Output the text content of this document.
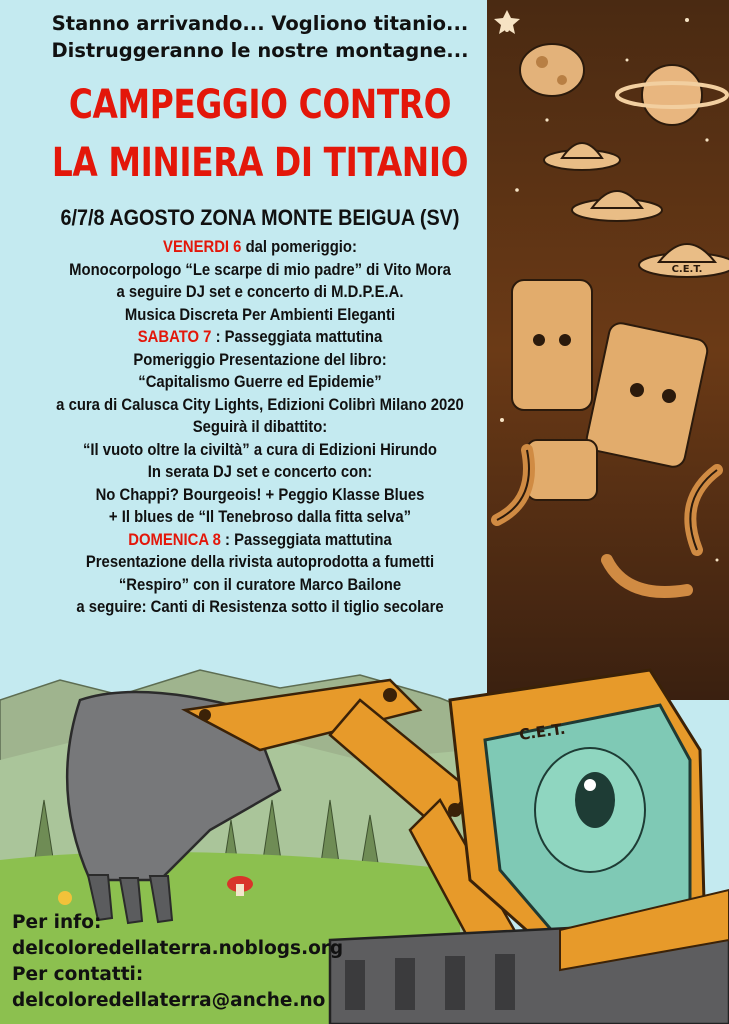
C.E.T.
C.E.T.
Stanno arrivando... Vogliono titanio...
Distruggeranno le nostre montagne...
CAMPEGGIO CONTRO
LA MINIERA DI TITANIO
6/7/8 AGOSTO ZONA MONTE BEIGUA (SV)
VENERDI 6 dal pomeriggio:
Monocorpologo “Le scarpe di mio padre” di Vito Mora
a seguire DJ set e concerto di M.D.P.E.A.
Musica Discreta Per Ambienti Eleganti
SABATO 7 : Passeggiata mattutina
Pomeriggio Presentazione del libro:
“Capitalismo Guerre ed Epidemie”
a cura di Calusca City Lights, Edizioni Colibrì Milano 2020
Seguirà il dibattito:
“Il vuoto oltre la civiltà” a cura di Edizioni Hirundo
In serata DJ set e concerto con:
No Chappi? Bourgeois! + Peggio Klasse Blues
+ Il blues de “Il Tenebroso dalla fitta selva”
DOMENICA 8 : Passeggiata mattutina
Presentazione della rivista autoprodotta a fumetti
“Respiro” con il curatore Marco Bailone
a seguire: Canti di Resistenza sotto il tiglio secolare
Per info:
delcoloredellaterra.noblogs.org
Per contatti:
delcoloredellaterra@anche.no
